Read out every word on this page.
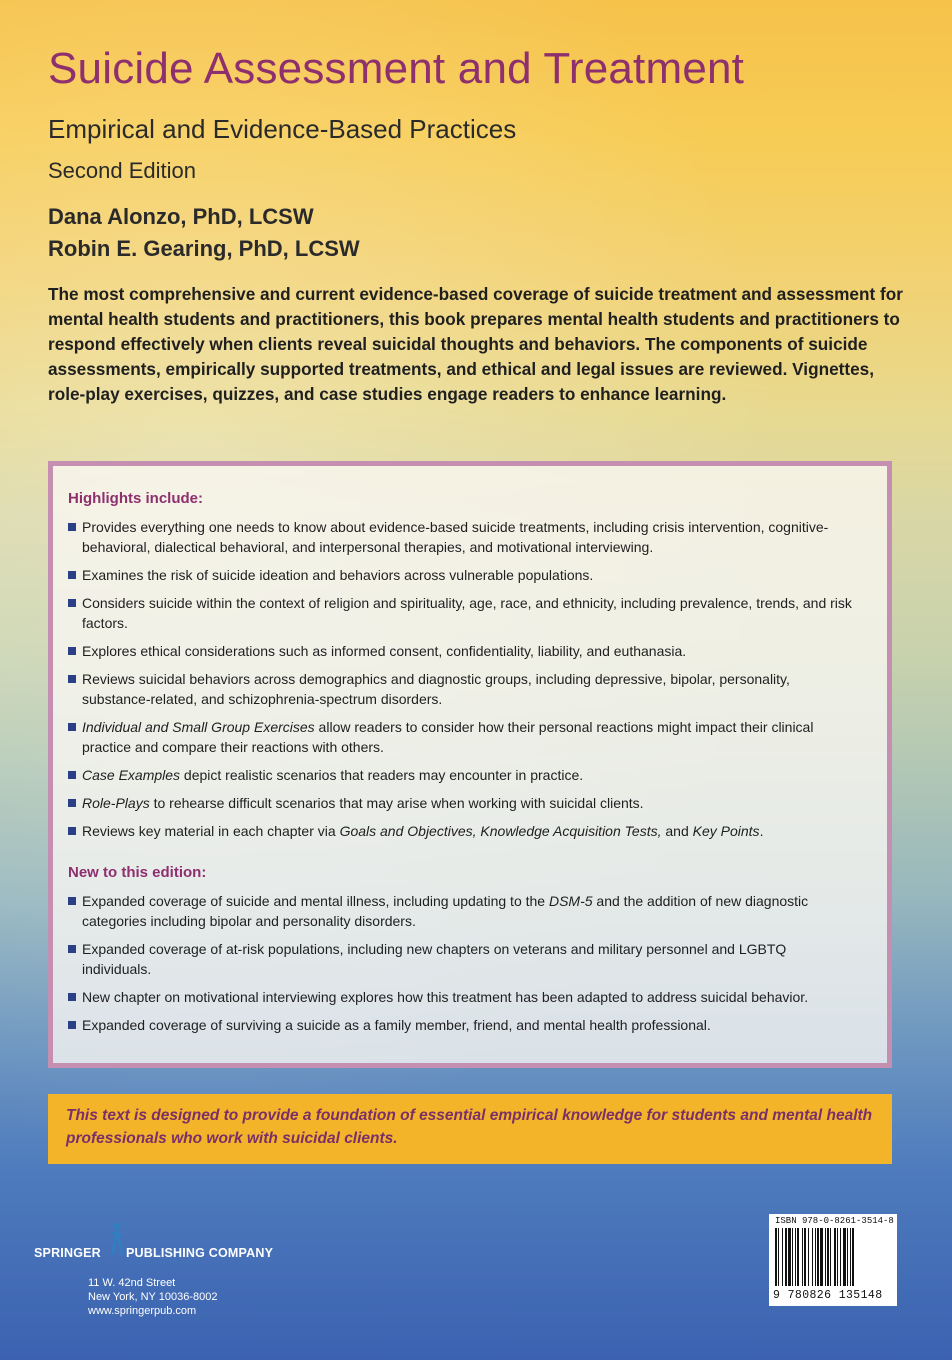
Suicide Assessment and Treatment
Empirical and Evidence-Based Practices
Second Edition
Dana Alonzo, PhD, LCSW
Robin E. Gearing, PhD, LCSW

The most comprehensive and current evidence-based coverage of suicide treatment and assessment for mental health students and practitioners, this book prepares mental health students and practitioners to respond effectively when clients reveal suicidal thoughts and behaviors. The components of suicide assessments, empirically supported treatments, and ethical and legal issues are reviewed. Vignettes, role-play exercises, quizzes, and case studies engage readers to enhance learning.

Highlights include:
Provides everything one needs to know about evidence-based suicide treatments, including crisis intervention, cognitive-behavioral, dialectical behavioral, and interpersonal therapies, and motivational interviewing.
Examines the risk of suicide ideation and behaviors across vulnerable populations.
Considers suicide within the context of religion and spirituality, age, race, and ethnicity, including prevalence, trends, and risk factors.
Explores ethical considerations such as informed consent, confidentiality, liability, and euthanasia.
Reviews suicidal behaviors across demographics and diagnostic groups, including depressive, bipolar, personality, substance-related, and schizophrenia-spectrum disorders.
Individual and Small Group Exercises allow readers to consider how their personal reactions might impact their clinical practice and compare their reactions with others.
Case Examples depict realistic scenarios that readers may encounter in practice.
Role-Plays to rehearse difficult scenarios that may arise when working with suicidal clients.
Reviews key material in each chapter via Goals and Objectives, Knowledge Acquisition Tests, and Key Points.
New to this edition:
Expanded coverage of suicide and mental illness, including updating to the DSM-5 and the addition of new diagnostic categories including bipolar and personality disorders.
Expanded coverage of at-risk populations, including new chapters on veterans and military personnel and LGBTQ individuals.
New chapter on motivational interviewing explores how this treatment has been adapted to address suicidal behavior.
Expanded coverage of surviving a suicide as a family member, friend, and mental health professional.

This text is designed to provide a foundation of essential empirical knowledge for students and mental health professionals who work with suicidal clients.

SPRINGER PUBLISHING COMPANY
11 W. 42nd Street
New York, NY 10036-8002
www.springerpub.com
ISBN 978-0-8261-3514-8
9 780826 135148
